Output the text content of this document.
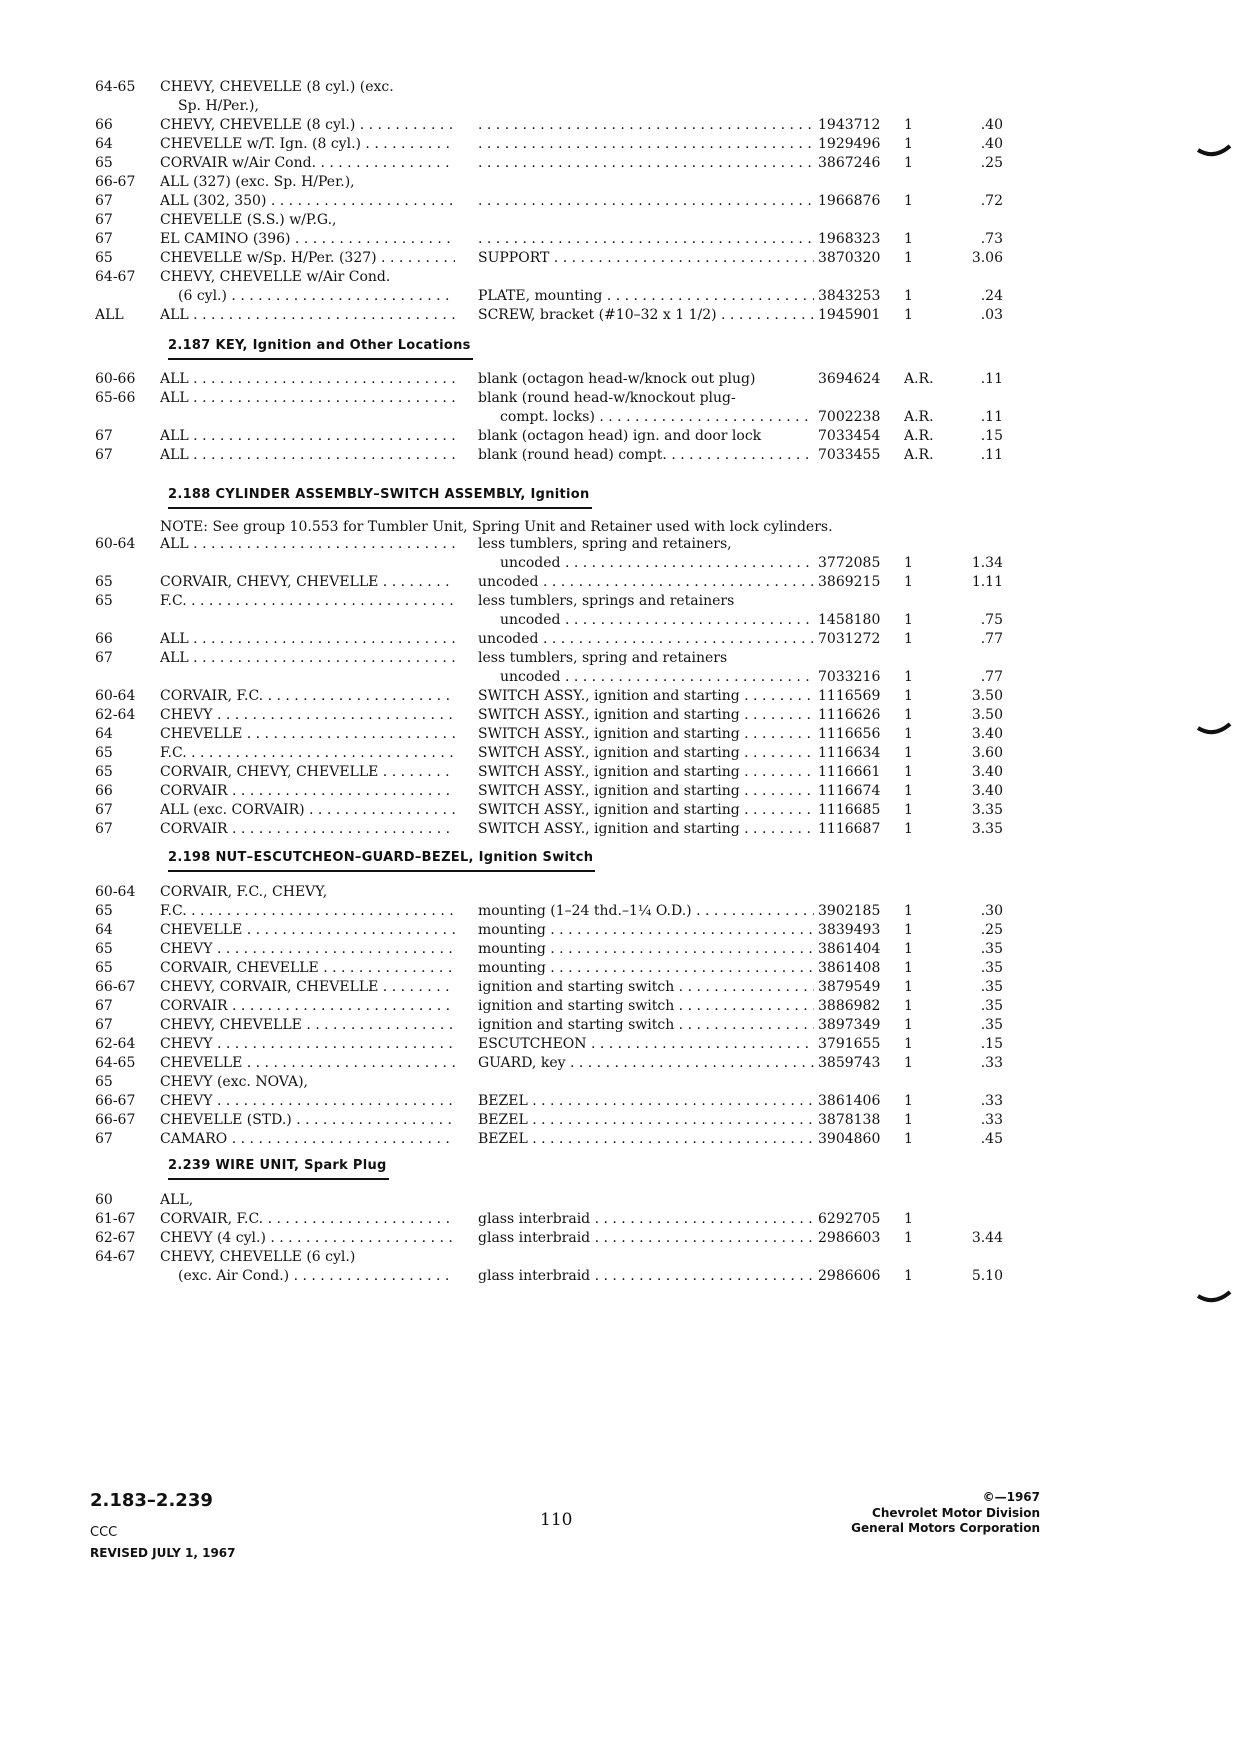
64-65	CHEVY, CHEVELLE (8 cyl.) (exc.
Sp. H/Per.),
66	CHEVY, CHEVELLE (8 cyl.) . . . . . .	1943712	1	.40
64	CHEVELLE w/T. Ign. (8 cyl.) . . . . . .	1929496	1	.40
65	CORVAIR w/Air Cond. . . . . . .	3867246	1	.25
66-67	ALL (327) (exc. Sp. H/Per.),
67	ALL (302, 350) . . . . . .	1966876	1	.72
67	CHEVELLE (S.S.) w/P.G.,
67	EL CAMINO (396) . . . . . .	1968323	1	.73
65	CHEVELLE w/Sp. H/Per. (327) . . .	SUPPORT . . .	3870320	1	3.06
64-67	CHEVY, CHEVELLE w/Air Cond.
(6 cyl.) . . .	PLATE, mounting . . .	3843253	1	.24
ALL	ALL . . .	SCREW, bracket (#10–32 x 1 1/2) . . .	1945901	1	.03
2.187 KEY, Ignition and Other Locations
60-66	ALL . . .	blank (octagon head-w/knock out plug)	3694624	A.R.	.11
65-66	ALL . . .	blank (round head-w/knockout plug-
compt. locks) . . .	7002238	A.R.	.11
67	ALL . . .	blank (octagon head) ign. and door lock	7033454	A.R.	.15
67	ALL . . .	blank (round head) compt. . . .	7033455	A.R.	.11
2.188 CYLINDER ASSEMBLY–SWITCH ASSEMBLY, Ignition
NOTE: See group 10.553 for Tumbler Unit, Spring Unit and Retainer used with lock cylinders.
60-64	ALL . . .	less tumblers, spring and retainers,
uncoded . . .	3772085	1	1.34
65	CORVAIR, CHEVY, CHEVELLE . . .	uncoded . . .	3869215	1	1.11
65	F.C. . . .	less tumblers, springs and retainers
uncoded . . .	1458180	1	.75
66	ALL . . .	uncoded . . .	7031272	1	.77
67	ALL . . .	less tumblers, spring and retainers
uncoded . . .	7033216	1	.77
60-64	CORVAIR, F.C. . . .	SWITCH ASSY., ignition and starting . . .	1116569	1	3.50
62-64	CHEVY . . .	SWITCH ASSY., ignition and starting . . .	1116626	1	3.50
64	CHEVELLE . . .	SWITCH ASSY., ignition and starting . . .	1116656	1	3.40
65	F.C. . . .	SWITCH ASSY., ignition and starting . . .	1116634	1	3.60
65	CORVAIR, CHEVY, CHEVELLE . . .	SWITCH ASSY., ignition and starting . . .	1116661	1	3.40
66	CORVAIR . . .	SWITCH ASSY., ignition and starting . . .	1116674	1	3.40
67	ALL (exc. CORVAIR) . . .	SWITCH ASSY., ignition and starting . . .	1116685	1	3.35
67	CORVAIR . . .	SWITCH ASSY., ignition and starting . . .	1116687	1	3.35
2.198 NUT–ESCUTCHEON–GUARD–BEZEL, Ignition Switch
60-64	CORVAIR, F.C., CHEVY,
65	F.C. . . .	mounting (1–24 thd.–1¼ O.D.) . . .	3902185	1	.30
64	CHEVELLE . . .	mounting . . .	3839493	1	.25
65	CHEVY . . .	mounting . . .	3861404	1	.35
65	CORVAIR, CHEVELLE . . .	mounting . . .	3861408	1	.35
66-67	CHEVY, CORVAIR, CHEVELLE . . .	ignition and starting switch . . .	3879549	1	.35
67	CORVAIR . . .	ignition and starting switch . . .	3886982	1	.35
67	CHEVY, CHEVELLE . . .	ignition and starting switch . . .	3897349	1	.35
62-64	CHEVY . . .	ESCUTCHEON . . .	3791655	1	.15
64-65	CHEVELLE . . .	GUARD, key . . .	3859743	1	.33
65	CHEVY (exc. NOVA),
66-67	CHEVY . . .	BEZEL . . .	3861406	1	.33
66-67	CHEVELLE (STD.) . . .	BEZEL . . .	3878138	1	.33
67	CAMARO . . .	BEZEL . . .	3904860	1	.45
2.239 WIRE UNIT, Spark Plug
60	ALL,
61-67	CORVAIR, F.C. . . .	glass interbraid . . .	6292705	1
62-67	CHEVY (4 cyl.) . . .	glass interbraid . . .	2986603	1	3.44
64-67	CHEVY, CHEVELLE (6 cyl.)
(exc. Air Cond.) . . .	glass interbraid . . .	2986606	1	5.10
2.183–2.239
CCC
REVISED JULY 1, 1967
110
©—1967
Chevrolet Motor Division
General Motors Corporation
